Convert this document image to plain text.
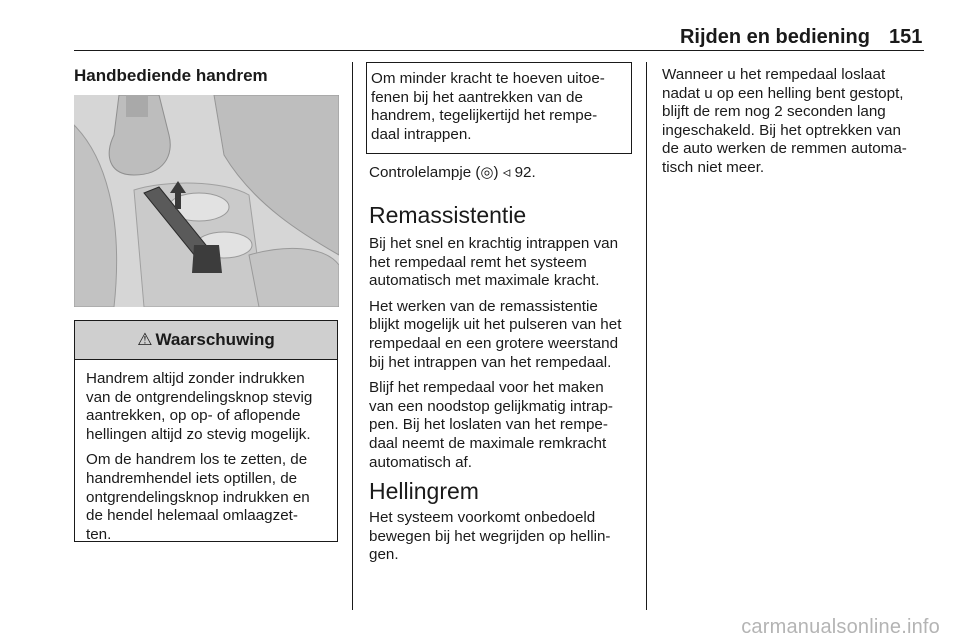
Rijden en bediening 151
Handbediende handrem
⚠ Waarschuwing

Handrem altijd zonder indrukken
van de ontgrendelingsknop stevig
aantrekken, op op- of aflopende
hellingen altijd zo stevig mogelijk.

Om de handrem los te zetten, de
handremhendel iets optillen, de
ontgrendelingsknop indrukken en
de hendel helemaal omlaagzet-
ten.

Om minder kracht te hoeven uitoe-
fenen bij het aantrekken van de
handrem, tegelijkertijd het rempe-
daal intrappen.

Controlelampje (◎) ◃ 92.

Remassistentie

Bij het snel en krachtig intrappen van
het rempedaal remt het systeem
automatisch met maximale kracht.

Het werken van de remassistentie
blijkt mogelijk uit het pulseren van het
rempedaal en een grotere weerstand
bij het intrappen van het rempedaal.

Blijf het rempedaal voor het maken
van een noodstop gelijkmatig intrap-
pen. Bij het loslaten van het rempe-
daal neemt de maximale remkracht
automatisch af.

Hellingrem

Het systeem voorkomt onbedoeld
bewegen bij het wegrijden op hellin-
gen.

Wanneer u het rempedaal loslaat
nadat u op een helling bent gestopt,
blijft de rem nog 2 seconden lang
ingeschakeld. Bij het optrekken van
de auto werken de remmen automa-
tisch niet meer.

carmanualsonline.info
